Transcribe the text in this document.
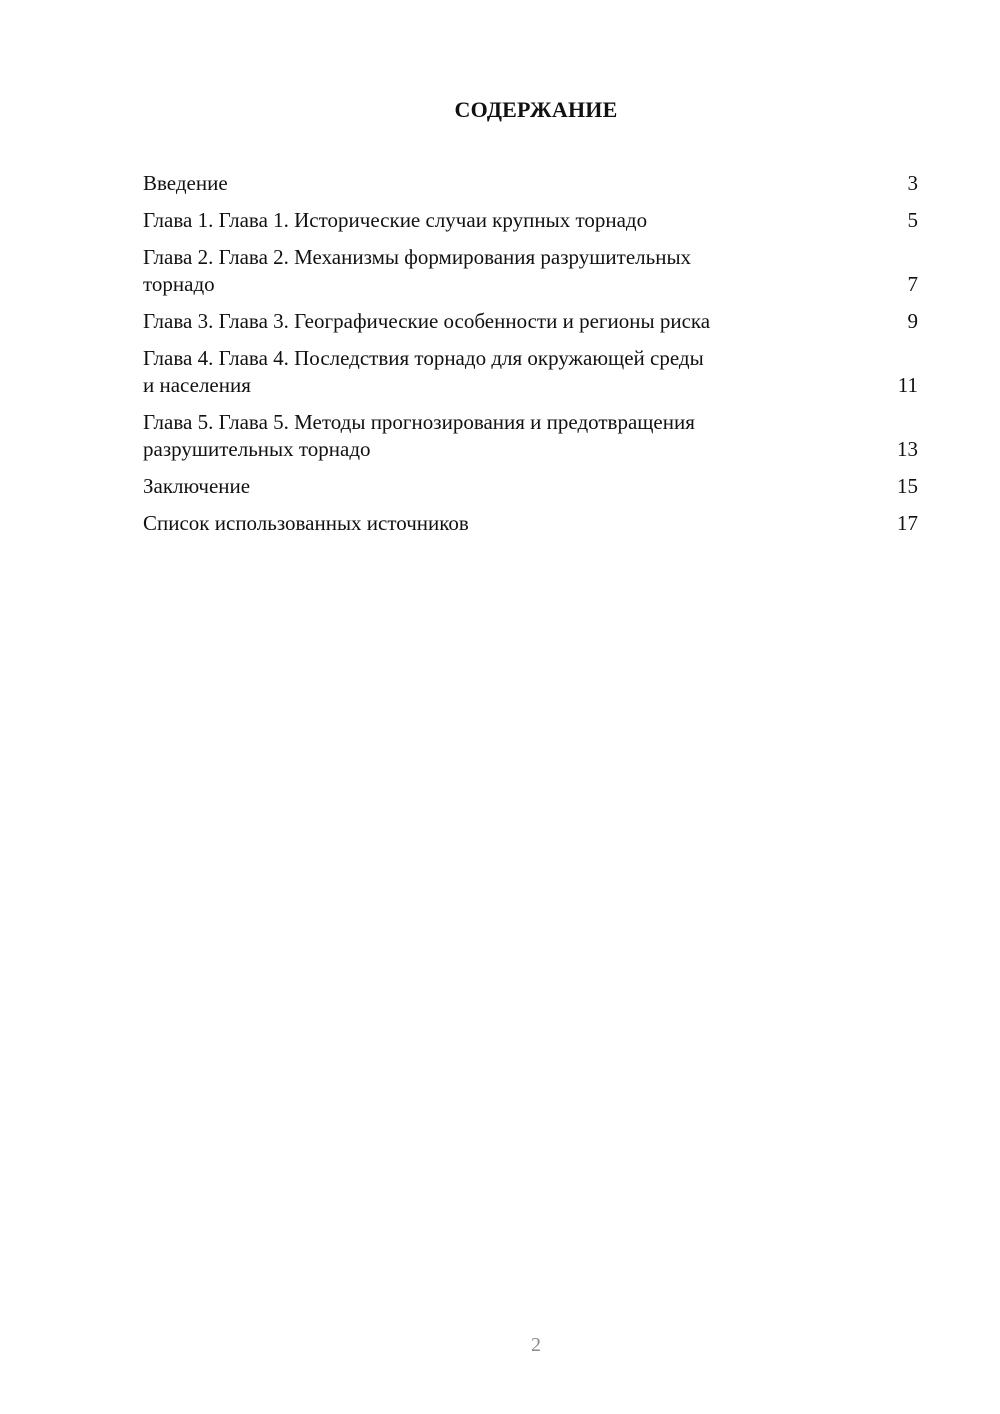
СОДЕРЖАНИЕ
Введение	3
Глава 1. Глава 1. Исторические случаи крупных торнадо	5
Глава 2. Глава 2. Механизмы формирования разрушительных
торнадо	7
Глава 3. Глава 3. Географические особенности и регионы риска	9
Глава 4. Глава 4. Последствия торнадо для окружающей среды
и населения	11
Глава 5. Глава 5. Методы прогнозирования и предотвращения
разрушительных торнадо	13
Заключение	15
Список использованных источников	17
2
